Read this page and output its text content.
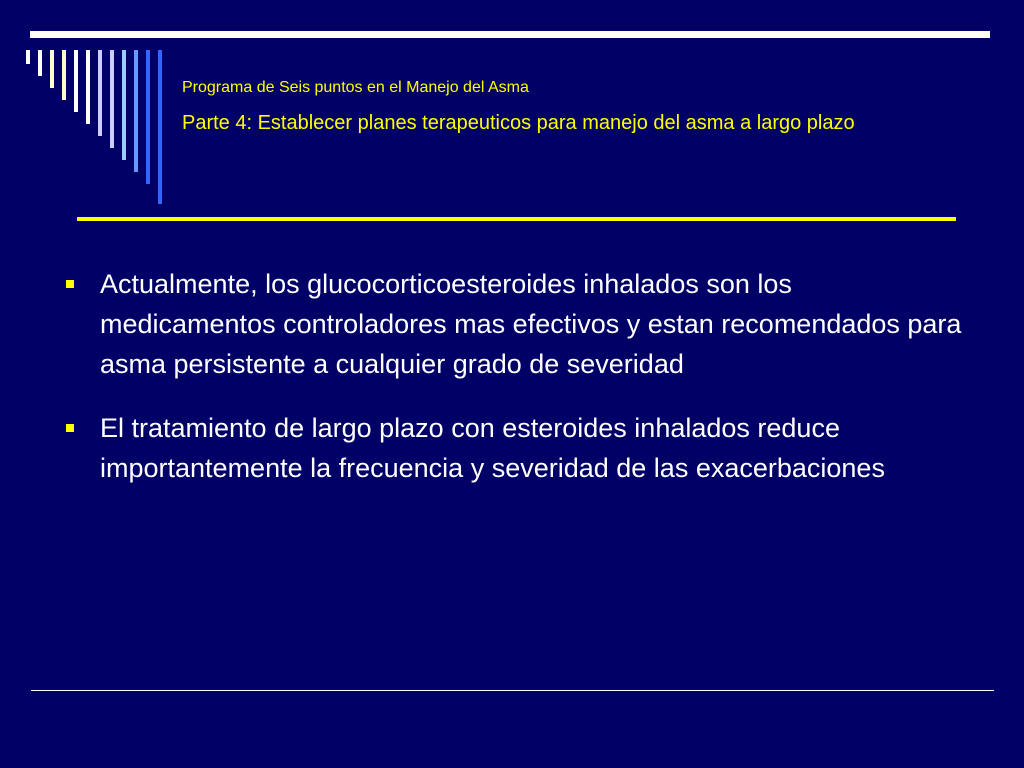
Programa de Seis puntos en el Manejo del Asma
Parte 4: Establecer planes terapeuticos para manejo del asma a largo plazo
Actualmente, los glucocorticoesteroides inhalados son los medicamentos controladores mas efectivos y estan recomendados para asma persistente a cualquier grado de severidad
El tratamiento de largo plazo con esteroides inhalados reduce importantemente la frecuencia y severidad de las exacerbaciones
